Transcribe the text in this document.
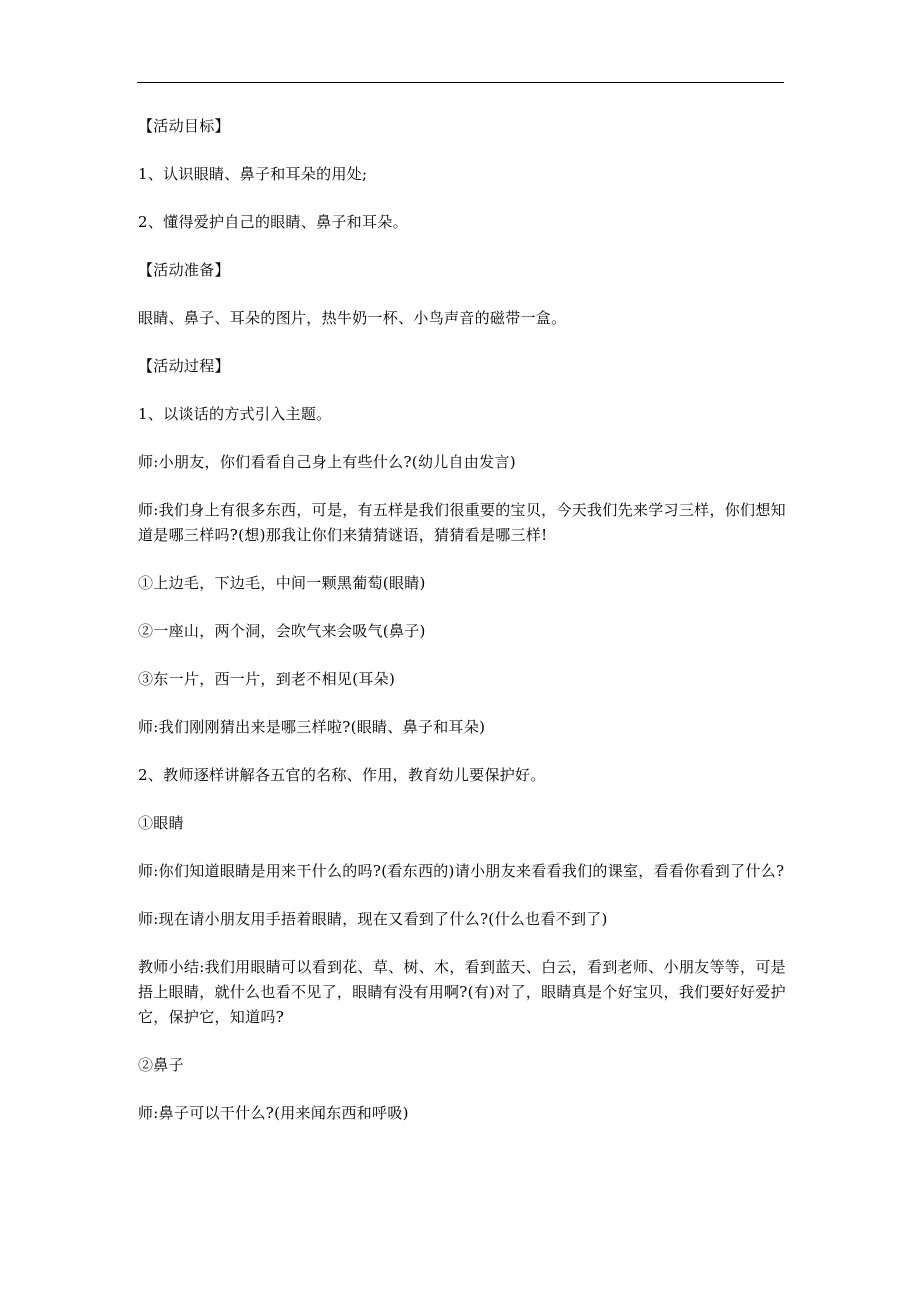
【活动目标】

1、认识眼睛、鼻子和耳朵的用处;

2、懂得爱护自己的眼睛、鼻子和耳朵。

【活动准备】

眼睛、鼻子、耳朵的图片，热牛奶一杯、小鸟声音的磁带一盒。

【活动过程】

1、以谈话的方式引入主题。

师:小朋友，你们看看自己身上有些什么?(幼儿自由发言)

师:我们身上有很多东西，可是，有五样是我们很重要的宝贝，今天我们先来学习三样，你们想知道是哪三样吗?(想)那我让你们来猜猜谜语，猜猜看是哪三样!

①上边毛，下边毛，中间一颗黑葡萄(眼睛)

②一座山，两个洞，会吹气来会吸气(鼻子)

③东一片，西一片，到老不相见(耳朵)

师:我们刚刚猜出来是哪三样啦?(眼睛、鼻子和耳朵)

2、教师逐样讲解各五官的名称、作用，教育幼儿要保护好。

①眼睛

师:你们知道眼睛是用来干什么的吗?(看东西的)请小朋友来看看我们的课室，看看你看到了什么?

师:现在请小朋友用手捂着眼睛，现在又看到了什么?(什么也看不到了)

教师小结:我们用眼睛可以看到花、草、树、木，看到蓝天、白云，看到老师、小朋友等等，可是捂上眼睛，就什么也看不见了，眼睛有没有用啊?(有)对了，眼睛真是个好宝贝，我们要好好爱护它，保护它，知道吗?

②鼻子

师:鼻子可以干什么?(用来闻东西和呼吸)
